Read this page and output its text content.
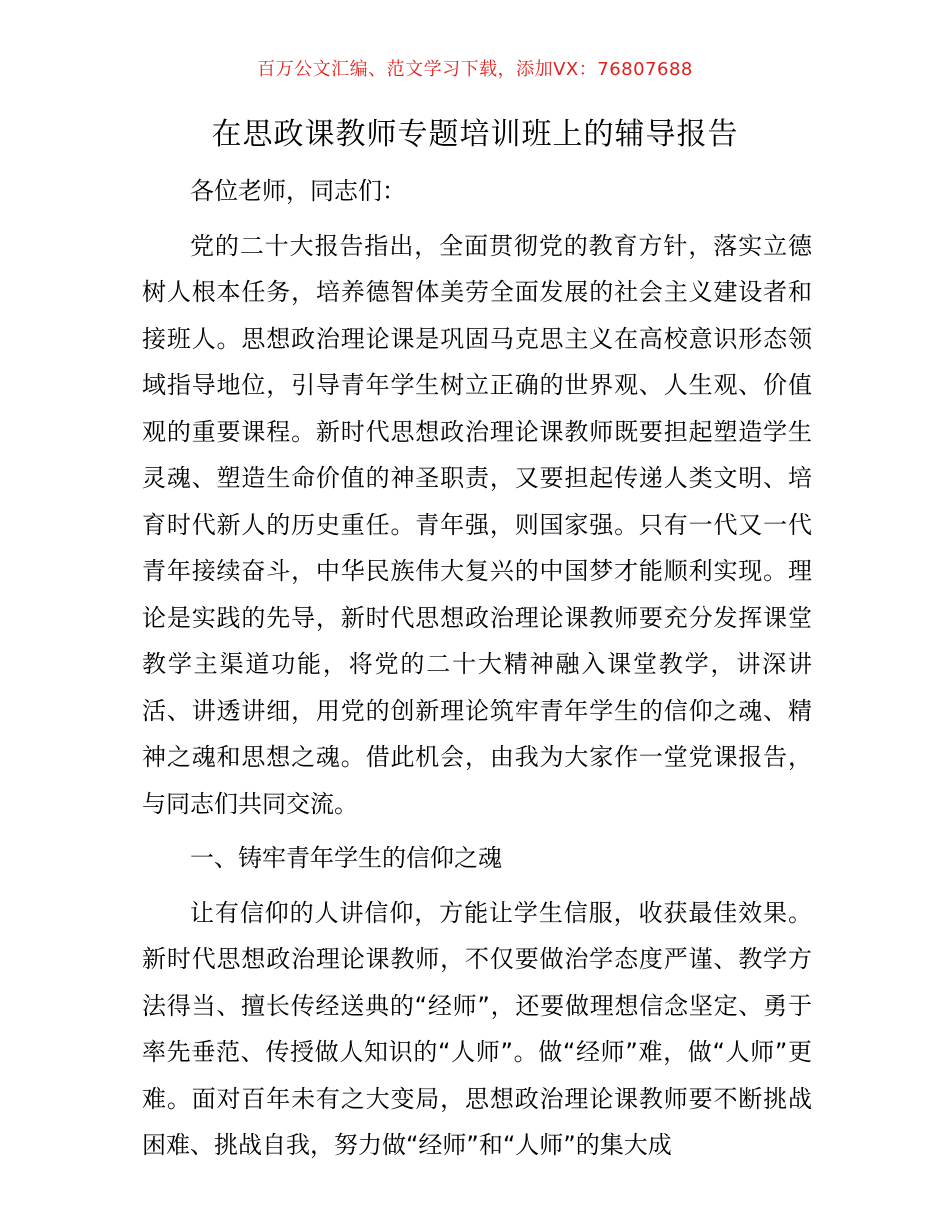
百万公文汇编、范文学习下载，添加VX：76807688
在思政课教师专题培训班上的辅导报告

各位老师，同志们：

党的二十大报告指出，全面贯彻党的教育方针，落实立德树人根本任务，培养德智体美劳全面发展的社会主义建设者和接班人。思想政治理论课是巩固马克思主义在高校意识形态领域指导地位，引导青年学生树立正确的世界观、人生观、价值观的重要课程。新时代思想政治理论课教师既要担起塑造学生灵魂、塑造生命价值的神圣职责，又要担起传递人类文明、培育时代新人的历史重任。青年强，则国家强。只有一代又一代青年接续奋斗，中华民族伟大复兴的中国梦才能顺利实现。理论是实践的先导，新时代思想政治理论课教师要充分发挥课堂教学主渠道功能，将党的二十大精神融入课堂教学，讲深讲活、讲透讲细，用党的创新理论筑牢青年学生的信仰之魂、精神之魂和思想之魂。借此机会，由我为大家作一堂党课报告，与同志们共同交流。

一、铸牢青年学生的信仰之魂

让有信仰的人讲信仰，方能让学生信服，收获最佳效果。新时代思想政治理论课教师，不仅要做治学态度严谨、教学方法得当、擅长传经送典的“经师”，还要做理想信念坚定、勇于率先垂范、传授做人知识的“人师”。做“经师”难，做“人师”更难。面对百年未有之大变局，思想政治理论课教师要不断挑战困难、挑战自我，努力做“经师”和“人师”的集大成
